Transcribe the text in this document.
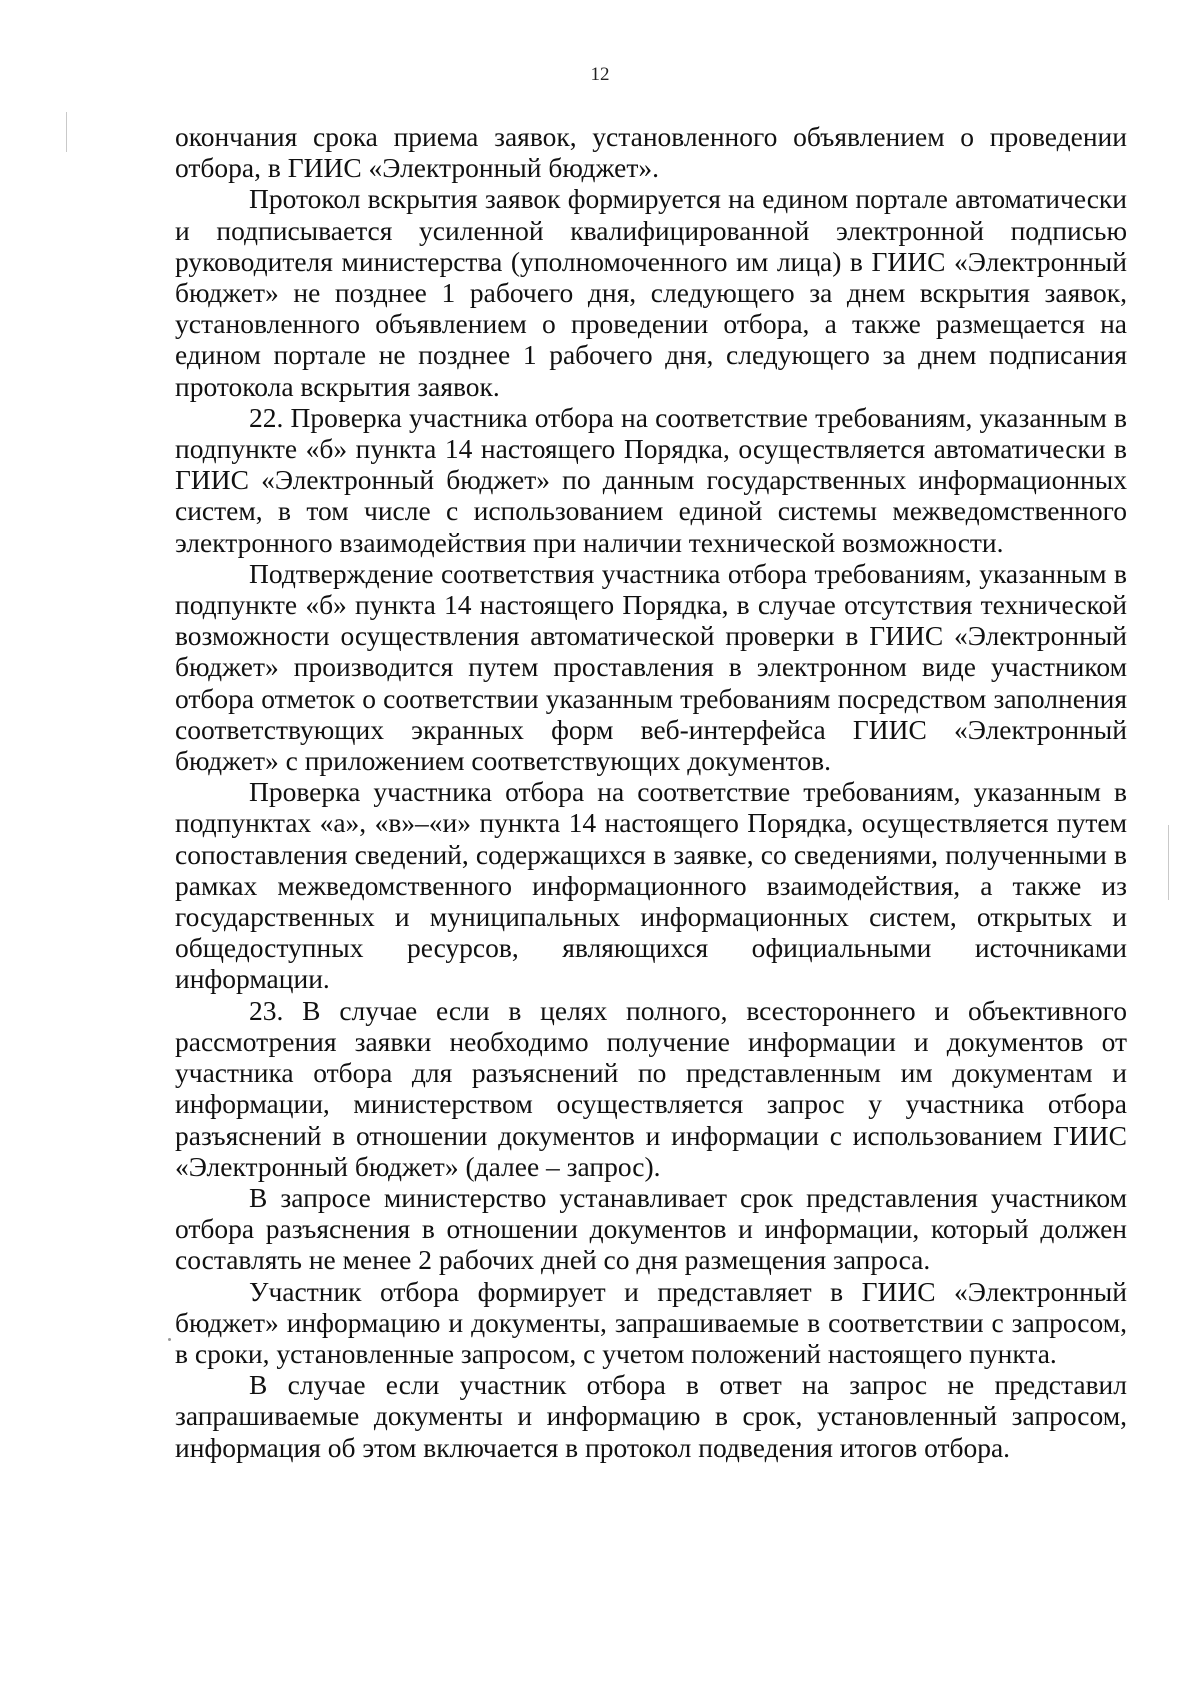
12

окончания срока приема заявок, установленного объявлением о проведении отбора, в ГИИС «Электронный бюджет».

Протокол вскрытия заявок формируется на едином портале автоматически и подписывается усиленной квалифицированной электронной подписью руководителя министерства (уполномоченного им лица) в ГИИС «Электронный бюджет» не позднее 1 рабочего дня, следующего за днем вскрытия заявок, установленного объявлением о проведении отбора, а также размещается на едином портале не позднее 1 рабочего дня, следующего за днем подписания протокола вскрытия заявок.

22. Проверка участника отбора на соответствие требованиям, указанным в подпункте «б» пункта 14 настоящего Порядка, осуществляется автоматически в ГИИС «Электронный бюджет» по данным государственных информационных систем, в том числе с использованием единой системы межведомственного электронного взаимодействия при наличии технической возможности.

Подтверждение соответствия участника отбора требованиям, указанным в подпункте «б» пункта 14 настоящего Порядка, в случае отсутствия технической возможности осуществления автоматической проверки в ГИИС «Электронный бюджет» производится путем проставления в электронном виде участником отбора отметок о соответствии указанным требованиям посредством заполнения соответствующих экранных форм веб-интерфейса ГИИС «Электронный бюджет» с приложением соответствующих документов.

Проверка участника отбора на соответствие требованиям, указанным в подпунктах «а», «в»–«и» пункта 14 настоящего Порядка, осуществляется путем сопоставления сведений, содержащихся в заявке, со сведениями, полученными в рамках межведомственного информационного взаимодействия, а также из государственных и муниципальных информационных систем, открытых и общедоступных ресурсов, являющихся официальными источниками информации.

23. В случае если в целях полного, всестороннего и объективного рассмотрения заявки необходимо получение информации и документов от участника отбора для разъяснений по представленным им документам и информации, министерством осуществляется запрос у участника отбора разъяснений в отношении документов и информации с использованием ГИИС «Электронный бюджет» (далее – запрос).

В запросе министерство устанавливает срок представления участником отбора разъяснения в отношении документов и информации, который должен составлять не менее 2 рабочих дней со дня размещения запроса.

Участник отбора формирует и представляет в ГИИС «Электронный бюджет» информацию и документы, запрашиваемые в соответствии с запросом, в сроки, установленные запросом, с учетом положений настоящего пункта.

В случае если участник отбора в ответ на запрос не представил запрашиваемые документы и информацию в срок, установленный запросом, информация об этом включается в протокол подведения итогов отбора.
